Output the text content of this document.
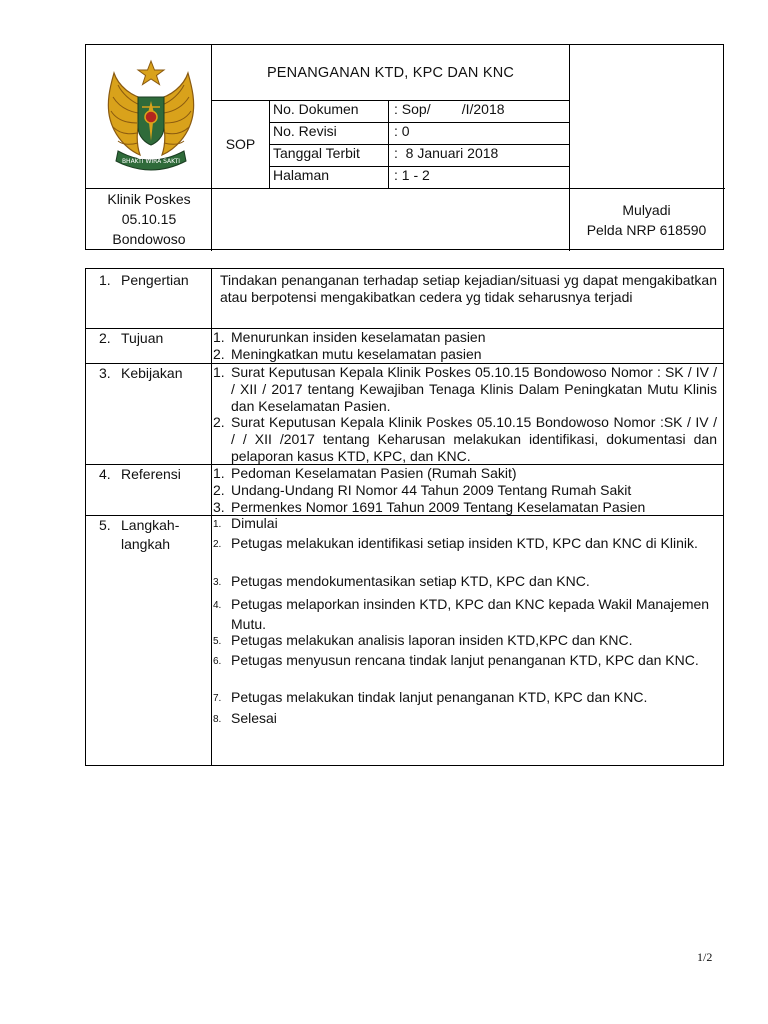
BHAKTI WIRA SAKTI
PENANGANAN KTD, KPC DAN KNC
SOP
No. Dokumen	: Sop/        /I/2018
No. Revisi	: 0
Tanggal Terbit :  8 Januari 2018
Halaman	: 1 - 2
Klinik Poskes
05.10.15
Bondowoso
Mulyadi
Pelda NRP 618590
1. Pengertian Tindakan penanganan terhadap setiap kejadian/situasi yg dapat mengakibatkan atau berpotensi mengakibatkan cedera yg tidak seharusnya terjadi
2. Tujuan	1. Menurunkan insiden keselamatan pasien
2. Meningkatkan mutu keselamatan pasien
3. Kebijakan 1. Surat Keputusan Kepala Klinik Poskes 05.10.15 Bondowoso Nomor : SK / IV /        / XII / 2017 tentang Kewajiban Tenaga Klinis Dalam Peningkatan Mutu Klinis dan Keselamatan Pasien.
2. Surat Keputusan Kepala Klinik Poskes 05.10.15 Bondowoso Nomor :SK / IV /       / / XII /2017 tentang Keharusan melakukan identifikasi, dokumentasi dan pelaporan kasus KTD, KPC, dan KNC.
4. Referensi 1. Pedoman Keselamatan Pasien (Rumah Sakit)
2. Undang-Undang RI Nomor 44 Tahun 2009 Tentang Rumah Sakit
3. Permenkes Nomor 1691 Tahun 2009 Tentang Keselamatan Pasien
5. Langkah-
langkah
1. Dimulai
2. Petugas melakukan identifikasi setiap insiden KTD, KPC dan KNC di Klinik.
3. Petugas mendokumentasikan setiap KTD, KPC dan KNC.
4. Petugas melaporkan insinden KTD, KPC dan KNC kepada Wakil Manajemen Mutu.
5. Petugas melakukan analisis laporan insiden KTD,KPC dan KNC.
6. Petugas menyusun rencana tindak lanjut penanganan KTD, KPC dan KNC.
7. Petugas melakukan tindak lanjut penanganan KTD, KPC dan KNC.
8. Selesai
1/2
